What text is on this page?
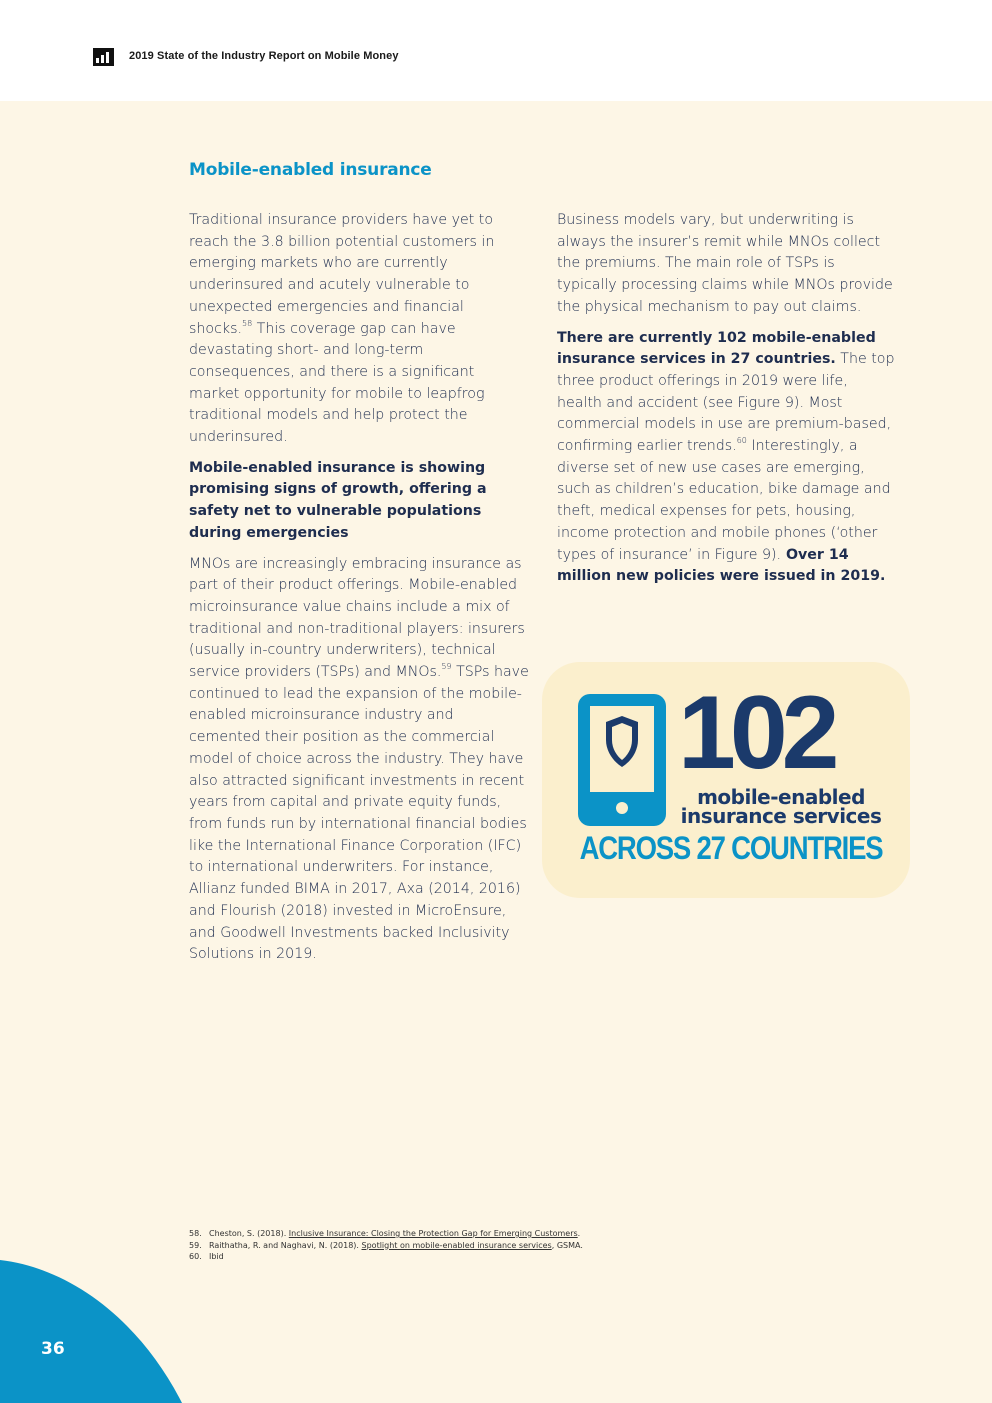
2019 State of the Industry Report on Mobile Money
Mobile-enabled insurance

Traditional insurance providers have yet to reach the 3.8 billion potential customers in emerging markets who are currently underinsured and acutely vulnerable to unexpected emergencies and financial shocks.$^{58}$ This coverage gap can have devastating short- and long-term consequences, and there is a significant market opportunity for mobile to leapfrog traditional models and help protect the underinsured.

Mobile-enabled insurance is showing promising signs of growth, offering a safety net to vulnerable populations during emergencies

MNOs are increasingly embracing insurance as part of their product offerings. Mobile-enabled microinsurance value chains include a mix of traditional and non-traditional players: insurers (usually in-country underwriters), technical service providers (TSPs) and MNOs.$^{59}$ TSPs have continued to lead the expansion of the mobile-enabled microinsurance industry and cemented their position as the commercial model of choice across the industry. They have also attracted significant investments in recent years from capital and private equity funds, from funds run by international financial bodies like the International Finance Corporation (IFC) to international underwriters. For instance, Allianz funded BIMA in 2017, Axa (2014, 2016) and Flourish (2018) invested in MicroEnsure, and Goodwell Investments backed Inclusivity Solutions in 2019.

Business models vary, but underwriting is always the insurer’s remit while MNOs collect the premiums. The main role of TSPs is typically processing claims while MNOs provide the physical mechanism to pay out claims.

There are currently 102 mobile-enabled insurance services in 27 countries. The top three product offerings in 2019 were life, health and accident (see Figure 9). Most commercial models in use are premium-based, confirming earlier trends.$^{60}$ Interestingly, a diverse set of new use cases are emerging, such as children’s education, bike damage and theft, medical expenses for pets, housing, income protection and mobile phones (‘other types of insurance’ in Figure 9). Over 14 million new policies were issued in 2019.

102
mobile-enabled
insurance services
ACROSS 27 COUNTRIES
58. Cheston, S. (2018). Inclusive Insurance: Closing the Protection Gap for Emerging Customers.
59. Raithatha, R. and Naghavi, N. (2018). Spotlight on mobile-enabled insurance services, GSMA.
60. Ibid
36
